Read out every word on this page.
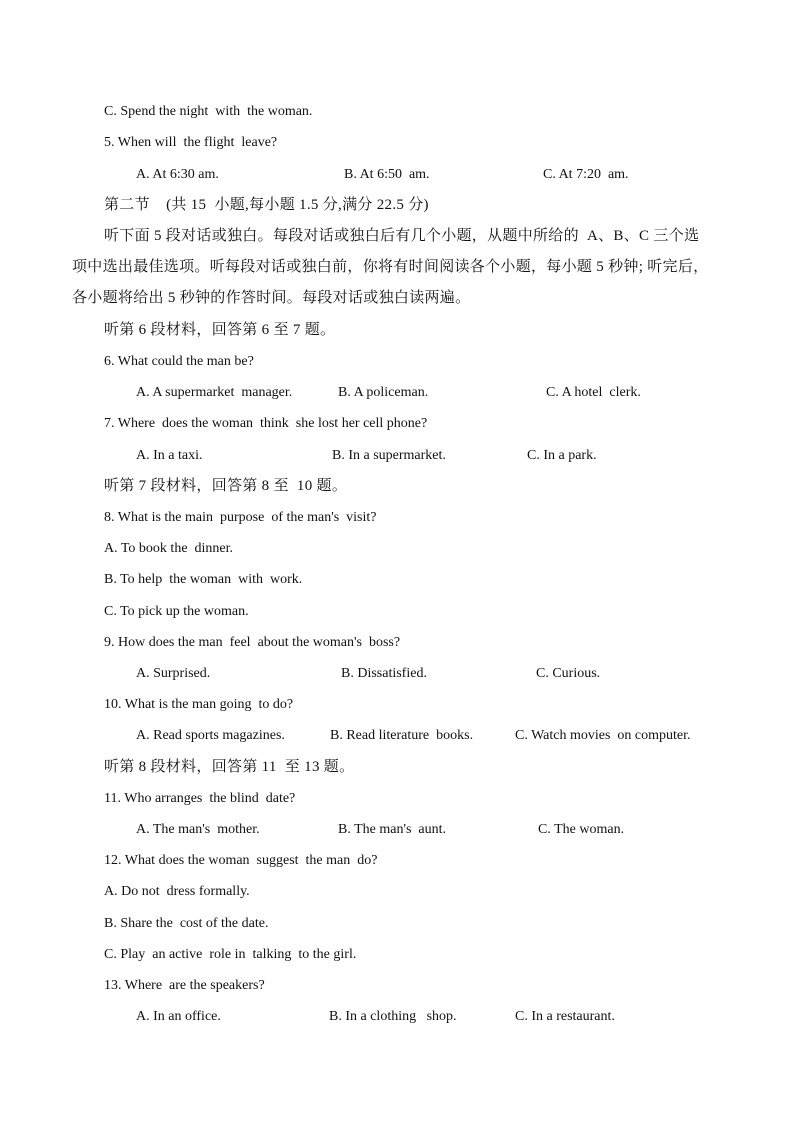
C. Spend the night  with  the woman.
5. When will  the flight  leave?
A. At 6:30 am.	B. At 6:50  am.	C. At 7:20  am.
第二节    (共 15  小题,每小题 1.5 分,满分 22.5 分)
听下面 5 段对话或独白。每段对话或独白后有几个小题，从题中所给的  A、B、C 三个选
项中选出最佳选项。听每段对话或独白前，你将有时间阅读各个小题，每小题 5 秒钟; 听完后，
各小题将给出 5 秒钟的作答时间。每段对话或独白读两遍。
听第 6 段材料，回答第 6 至 7 题。
6. What could the man be?
A. A supermarket  manager.	B. A policeman.	C. A hotel  clerk.
7. Where  does the woman  think  she lost her cell phone?
A. In a taxi.	B. In a supermarket.	C. In a park.
听第 7 段材料，回答第 8 至  10 题。
8. What is the main  purpose  of the man's  visit?
A. To book the  dinner.
B. To help  the woman  with  work.
C. To pick up the woman.
9. How does the man  feel  about the woman's  boss?
A. Surprised.	B. Dissatisfied.	C. Curious.
10. What is the man going  to do?
A. Read sports magazines.	B. Read literature  books.	C. Watch movies  on computer.
听第 8 段材料，回答第 11  至 13 题。
11. Who arranges  the blind  date?
A. The man's  mother.	B. The man's  aunt.	C. The woman.
12. What does the woman  suggest  the man  do?
A. Do not  dress formally.
B. Share the  cost of the date.
C. Play  an active  role in  talking  to the girl.
13. Where  are the speakers?
A. In an office.	B. In a clothing   shop.	C. In a restaurant.
